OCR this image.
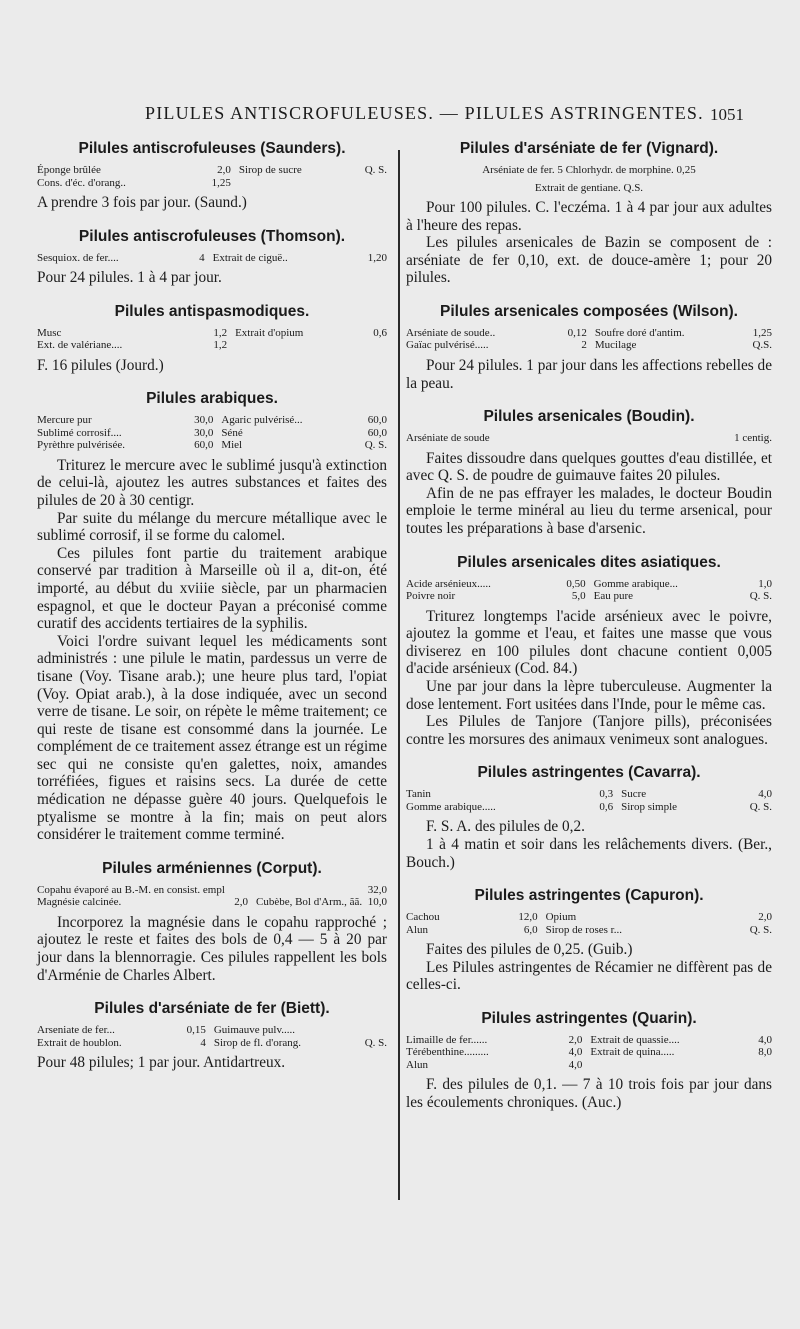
PILULES ANTISCROFULEUSES. — PILULES ASTRINGENTES. 1051
Pilules antiscrofuleuses (Saunders).
Éponge brûlée	2,0	Sirop de sucre	Q. S.
Cons. d'éc. d'orang..	1,25		

A prendre 3 fois par jour. (Saund.)

Pilules antiscrofuleuses (Thomson).
Sesquiox. de fer....	4	Extrait de ciguë..	1,20

Pour 24 pilules. 1 à 4 par jour.

Pilules antispasmodiques.
Musc	1,2	Extrait d'opium	0,6
Ext. de valériane....	1,2		

F. 16 pilules (Jourd.)

Pilules arabiques.
Mercure pur	30,0	Agaric pulvérisé...	60,0
Sublimé corrosif....	30,0	Séné	60,0
Pyrèthre pulvérisée.	60,0	Miel	Q. S.

Triturez le mercure avec le sublimé jusqu'à extinction de celui-là, ajoutez les autres substances et faites des pilules de 20 à 30 centigr.

Par suite du mélange du mercure métallique avec le sublimé corrosif, il se forme du calomel.

Ces pilules font partie du traitement arabique conservé par tradition à Marseille où il a, dit-on, été importé, au début du xviiie siècle, par un pharmacien espagnol, et que le docteur Payan a préconisé comme curatif des accidents tertiaires de la syphilis.

Voici l'ordre suivant lequel les médicaments sont administrés : une pilule le matin, pardessus un verre de tisane (Voy. Tisane arab.); une heure plus tard, l'opiat (Voy. Opiat arab.), à la dose indiquée, avec un second verre de tisane. Le soir, on répète le même traitement; ce qui reste de tisane est consommé dans la journée. Le complément de ce traitement assez étrange est un régime sec qui ne consiste qu'en galettes, noix, amandes torréfiées, figues et raisins secs. La durée de cette médication ne dépasse guère 40 jours. Quelquefois le ptyalisme se montre à la fin; mais on peut alors considérer le traitement comme terminé.

Pilules arméniennes (Corput).
Copahu évaporé au B.-M. en consist. empl			32,0
Magnésie calcinée.	2,0	Cubèbe, Bol d'Arm., ãã.	10,0

Incorporez la magnésie dans le copahu rapproché ; ajoutez le reste et faites des bols de 0,4 — 5 à 20 par jour dans la blennorragie. Ces pilules rappellent les bols d'Arménie de Charles Albert.

Pilules d'arséniate de fer (Biett).
Arseniate de fer...	0,15	Guimauve pulv.....	
Extrait de houblon.	4	Sirop de fl. d'orang.	Q. S.

Pour 48 pilules; 1 par jour. Antidartreux.

Pilules d'arséniate de fer (Vignard).
Arséniate de fer. 5 Chlorhydr. de morphine. 0,25
Extrait de gentiane. Q.S.

Pour 100 pilules. C. l'eczéma. 1 à 4 par jour aux adultes à l'heure des repas.

Les pilules arsenicales de Bazin se composent de : arséniate de fer 0,10, ext. de douce-amère 1; pour 20 pilules.

Pilules arsenicales composées (Wilson).
Arséniate de soude..	0,12	Soufre doré d'antim.	1,25
Gaïac pulvérisé.....	2	Mucilage	Q.S.

Pour 24 pilules. 1 par jour dans les affections rebelles de la peau.

Pilules arsenicales (Boudin).
Arséniate de soude			1 centig.

Faites dissoudre dans quelques gouttes d'eau distillée, et avec Q. S. de poudre de guimauve faites 20 pilules.

Afin de ne pas effrayer les malades, le docteur Boudin emploie le terme minéral au lieu du terme arsenical, pour toutes les préparations à base d'arsenic.

Pilules arsenicales dites asiatiques.
Acide arsénieux.....	0,50	Gomme arabique...	1,0
Poivre noir	5,0	Eau pure	Q. S.

Triturez longtemps l'acide arsénieux avec le poivre, ajoutez la gomme et l'eau, et faites une masse que vous diviserez en 100 pilules dont chacune contient 0,005 d'acide arsénieux (Cod. 84.)

Une par jour dans la lèpre tuberculeuse. Augmenter la dose lentement. Fort usitées dans l'Inde, pour le même cas.

Les Pilules de Tanjore (Tanjore pills), préconisées contre les morsures des animaux venimeux sont analogues.

Pilules astringentes (Cavarra).
Tanin	0,3	Sucre	4,0
Gomme arabique.....	0,6	Sirop simple	Q. S.

F. S. A. des pilules de 0,2.

1 à 4 matin et soir dans les relâchements divers. (Ber., Bouch.)

Pilules astringentes (Capuron).
Cachou	12,0	Opium	2,0
Alun	6,0	Sirop de roses r...	Q. S.

Faites des pilules de 0,25. (Guib.)

Les Pilules astringentes de Récamier ne diffèrent pas de celles-ci.

Pilules astringentes (Quarin).
Limaille de fer......	2,0	Extrait de quassie....	4,0
Térébenthine.........	4,0	Extrait de quina.....	8,0
Alun	4,0		

F. des pilules de 0,1. — 7 à 10 trois fois par jour dans les écoulements chroniques. (Auc.)
